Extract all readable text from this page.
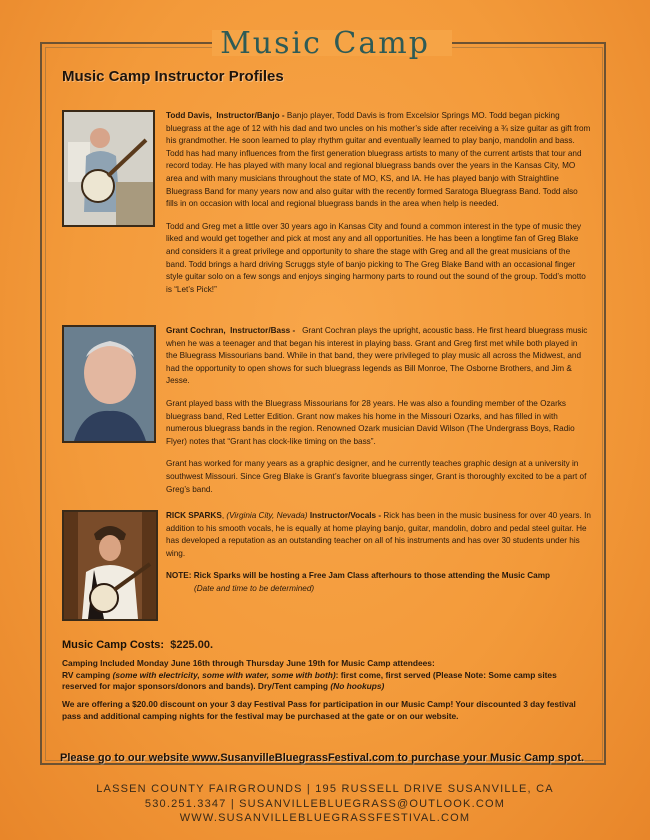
Music Camp
Music Camp Instructor Profiles

Todd Davis,  Instructor/Banjo - Banjo player, Todd Davis is from Excelsior Springs MO. Todd began picking bluegrass at the age of 12 with his dad and two uncles on his mother’s side after receiving a ¾ size guitar as gift from his grandmother. He soon learned to play rhythm guitar and eventually learned to play banjo, mandolin and bass. Todd has had many influences from the first generation bluegrass artists to many of the current artists that tour and record today. He has played with many local and regional bluegrass bands over the years in the Kansas City, MO area and with many musicians throughout the state of MO, KS, and IA. He has played banjo with Straightline Bluegrass Band for many years now and also guitar with the recently formed Saratoga Bluegrass Band. Todd also fills in on occasion with local and regional bluegrass bands in the area when help is needed.

Todd and Greg met a little over 30 years ago in Kansas City and found a common interest in the type of music they liked and would get together and pick at most any and all opportunities. He has been a longtime fan of Greg Blake and considers it a great privilege and opportunity to share the stage with Greg and all the great musicians of the band. Todd brings a hard driving Scruggs style of banjo picking to The Greg Blake Band with an occasional finger style guitar solo on a few songs and enjoys singing harmony parts to round out the sound of the group. Todd’s motto is “Let’s Pick!”

Grant Cochran,  Instructor/Bass -   Grant Cochran plays the upright, acoustic bass. He first heard bluegrass music when he was a teenager and that began his interest in playing bass. Grant and Greg first met while both played in the Bluegrass Missourians band. While in that band, they were privileged to play music all across the Midwest, and had the opportunity to open shows for such bluegrass legends as Bill Monroe, The Osborne Brothers, and Jim & Jesse.

Grant played bass with the Bluegrass Missourians for 28 years. He was also a founding member of the Ozarks bluegrass band, Red Letter Edition. Grant now makes his home in the Missouri Ozarks, and has filled in with numerous bluegrass bands in the region. Renowned Ozark musician David Wilson (The Undergrass Boys, Radio Flyer) notes that “Grant has clock-like timing on the bass”.

Grant has worked for many years as a graphic designer, and he currently teaches graphic design at a university in southwest Missouri. Since Greg Blake is Grant’s favorite bluegrass singer, Grant is thoroughly excited to be a part of Greg’s band.

RICK SPARKS, (Virginia City, Nevada) Instructor/Vocals - Rick has been in the music business for over 40 years. In addition to his smooth vocals, he is equally at home playing banjo, guitar, mandolin, dobro and pedal steel guitar. He has developed a reputation as an outstanding teacher on all of his instruments and has over 30 students under his wing.

NOTE: Rick Sparks will be hosting a Free Jam Class afterhours to those attending the Music Camp
(Date and time to be determined)

Music Camp Costs: $225.00.

Camping Included Monday June 16th through Thursday June 19th for Music Camp attendees:

RV camping (some with electricity, some with water, some with both): first come, first served (Please Note: Some camp sites reserved for major sponsors/donors and bands). Dry/Tent camping (No hookups)

We are offering a $20.00 discount on your 3 day Festival Pass for participation in our Music Camp! Your discounted 3 day festival pass and additional camping nights for the festival may be purchased at the gate or on our website.

Please go to our website www.SusanvilleBluegrassFestival.com to purchase your Music Camp spot.

LASSEN COUNTY FAIRGROUNDS | 195 RUSSELL DRIVE SUSANVILLE, CA
530.251.3347 | SUSANVILLEBLUEGRASS@OUTLOOK.COM
WWW.SUSANVILLEBLUEGRASSFESTIVAL.COM
